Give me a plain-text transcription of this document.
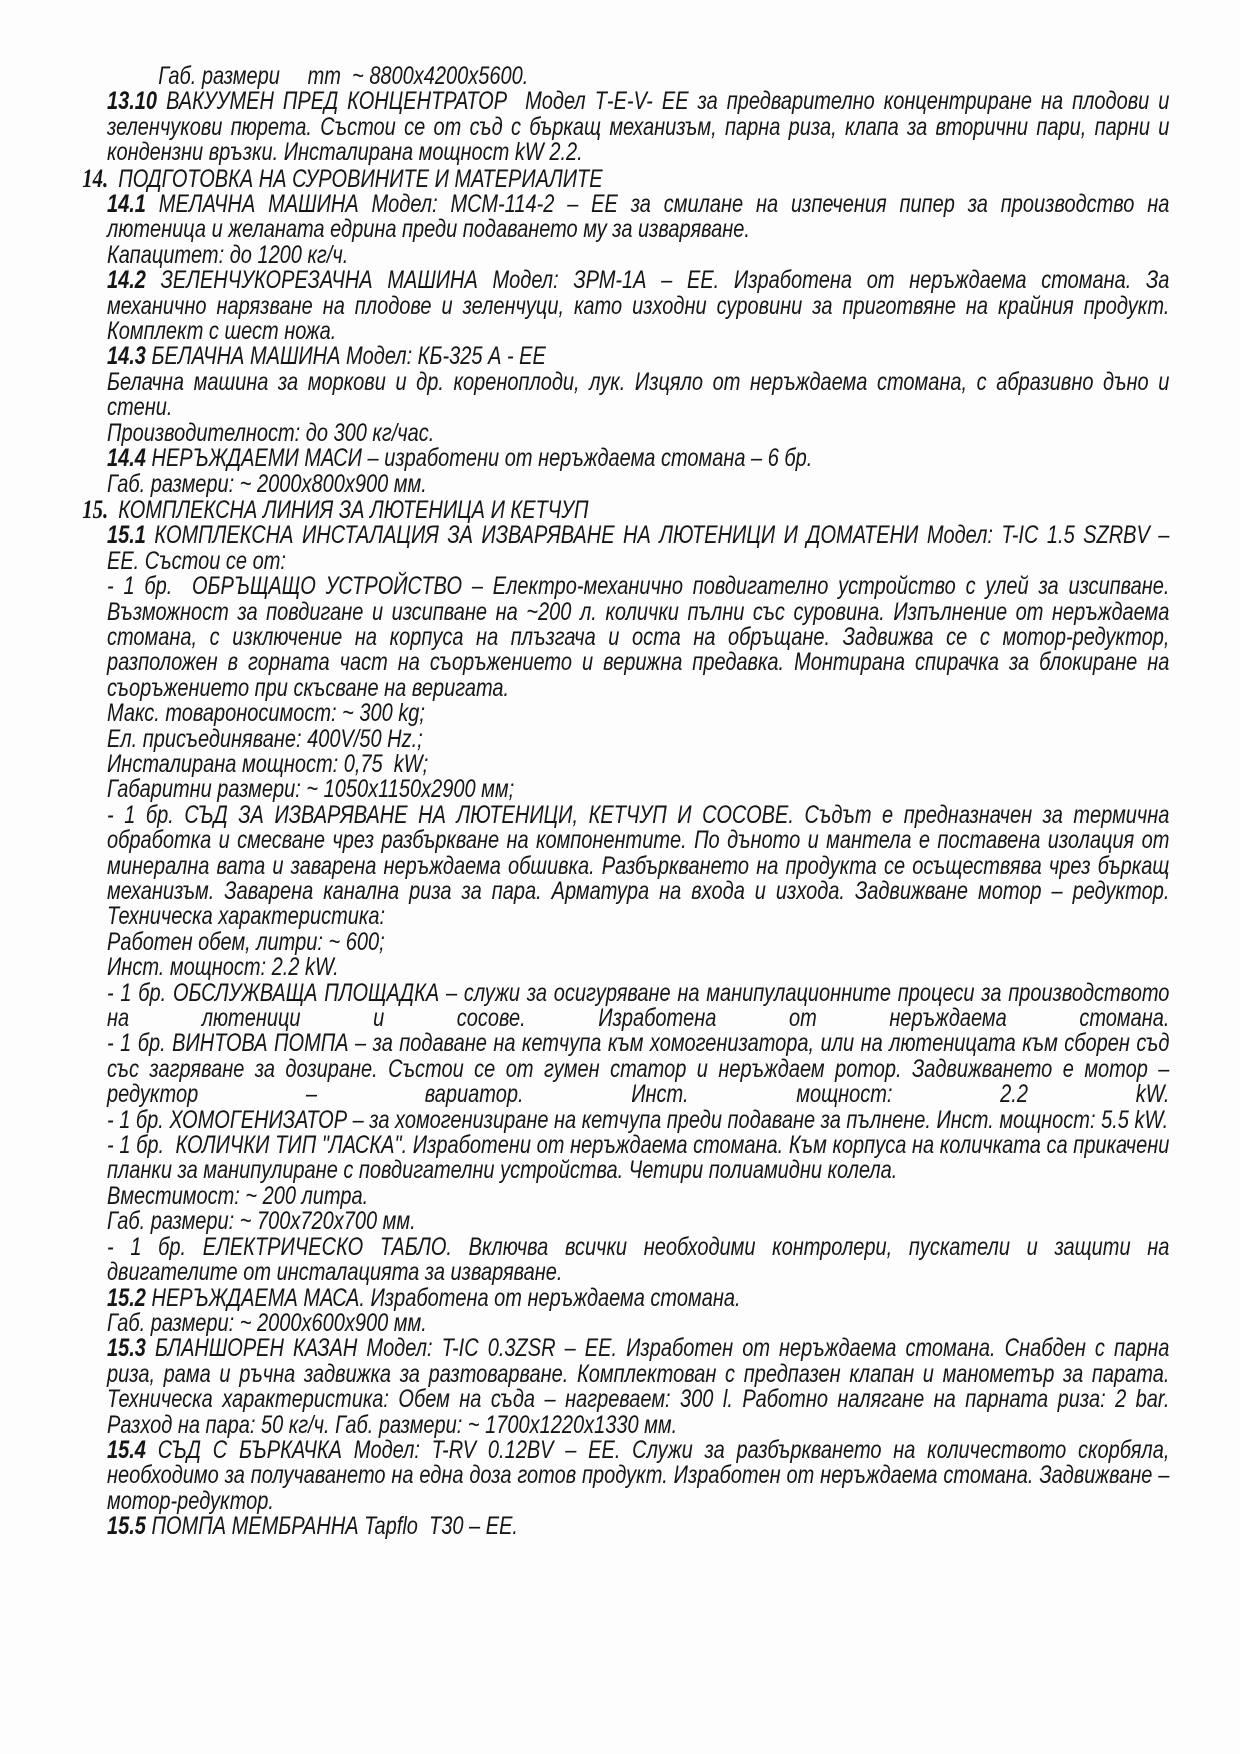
Габ. размери     mm  ~ 8800х4200х5600.

13.10 ВАКУУМЕН ПРЕД КОНЦЕНТРАТОР  Модел Т-Е-V- ЕЕ за предварително концентриране на плодови и зеленчукови пюрета. Състои се от съд с бъркащ механизъм, парна риза, клапа за вторични пари, парни и кондензни връзки. Инсталирана мощност kW 2.2.

14. ПОДГОТОВКА НА СУРОВИНИТЕ И МАТЕРИАЛИТЕ

14.1 МЕЛАЧНА МАШИНА Модел: МСМ-114-2 – ЕЕ за смилане на изпечения пипер за производство на лютеница и желаната едрина преди подаването му за изваряване.

Капацитет: до 1200 кг/ч.

14.2 ЗЕЛЕНЧУКОРЕЗАЧНА МАШИНА Модел: ЗРМ-1А – ЕЕ. Изработена от неръждаема стомана. За механично нарязване на плодове и зеленчуци, като изходни суровини за приготвяне на крайния продукт. Комплект с шест ножа.

14.3 БЕЛАЧНА МАШИНА Модел: КБ-325 А - ЕЕ

Белачна машина за моркови и др. кореноплоди, лук. Изцяло от неръждаема стомана, с абразивно дъно и стени.

Производителност: до 300 кг/час.

14.4 НЕРЪЖДАЕМИ МАСИ – изработени от неръждаема стомана – 6 бр.

Габ. размери: ~ 2000х800х900 мм.

15. КОМПЛЕКСНА ЛИНИЯ ЗА ЛЮТЕНИЦА И КЕТЧУП

15.1 КОМПЛЕКСНА ИНСТАЛАЦИЯ ЗА ИЗВАРЯВАНЕ НА ЛЮТЕНИЦИ И ДОМАТЕНИ Модел: T-IC 1.5 SZRBV – ЕЕ. Състои се от:

- 1 бр.  ОБРЪЩАЩО УСТРОЙСТВО – Електро-механично повдигателно устройство с улей за изсипване. Възможност за повдигане и изсипване на ~200 л. колички пълни със суровина. Изпълнение от неръждаема стомана, с изключение на корпуса на плъзгача и оста на обръщане. Задвижва се с мотор-редуктор, разположен в горната част на съоръжението и верижна предавка. Монтирана спирачка за блокиране на съоръжението при скъсване на веригата.

Макс. товароносимост: ~ 300 kg;

Ел. присъединяване: 400V/50 Hz.;

Инсталирана мощност: 0,75  kW;

Габаритни размери: ~ 1050х1150х2900 мм;

- 1 бр. СЪД ЗА ИЗВАРЯВАНЕ НА ЛЮТЕНИЦИ, КЕТЧУП И СОСОВЕ. Съдът е предназначен за термична обработка и смесване чрез разбъркване на компонентите. По дъното и мантела е поставена изолация от минерална вата и заварена неръждаема обшивка. Разбъркването на продукта се осъществява чрез бъркащ механизъм. Заварена канална риза за пара. Арматура на входа и изхода. Задвижване мотор – редуктор.

Техническа характеристика:

Работен обем, литри: ~ 600;

Инст. мощност: 2.2 kW.

- 1 бр. ОБСЛУЖВАЩА ПЛОЩАДКА – служи за осигуряване на манипулационните процеси за производството на лютеници и сосове. Изработена от неръждаема стомана.

- 1 бр. ВИНТОВА ПОМПА – за подаване на кетчупа към хомогенизатора, или на лютеницата към сборен съд със загряване за дозиране. Състои се от гумен статор и неръждаем ротор. Задвижването е мотор – редуктор – вариатор. Инст. мощност: 2.2 kW.

- 1 бр. ХОМОГЕНИЗАТОР – за хомогенизиране на кетчупа преди подаване за пълнене. Инст. мощност: 5.5 kW.

- 1 бр.  КОЛИЧКИ ТИП "ЛАСКА". Изработени от неръждаема стомана. Към корпуса на количката са прикачени планки за манипулиране с повдигателни устройства. Четири полиамидни колела.

Вместимост: ~ 200 литра.

Габ. размери: ~ 700х720х700 мм.

- 1 бр. ЕЛЕКТРИЧЕСКО ТАБЛО. Включва всички необходими контролери, пускатели и защити на двигателите от инсталацията за изваряване.

15.2 НЕРЪЖДАЕМА МАСА. Изработена от неръждаема стомана.

Габ. размери: ~ 2000х600х900 мм.

15.3 БЛАНШОРЕН КАЗАН Модел: T-IC 0.3ZSR – ЕЕ. Изработен от неръждаема стомана. Снабден с парна риза, рама и ръчна задвижка за разтоварване. Комплектован с предпазен клапан и манометър за парата. Техническа характеристика: Обем на съда – нагреваем: 300 l. Работно налягане на парната риза: 2 bar. Разход на пара: 50 кг/ч. Габ. размери: ~ 1700х1220х1330 мм.

15.4 СЪД С БЪРКАЧКА Модел: T-RV 0.12BV – ЕЕ. Служи за разбъркването на количеството скорбяла, необходимо за получаването на една доза готов продукт. Изработен от неръждаема стомана. Задвижване – мотор-редуктор.

15.5 ПОМПА МЕМБРАННА Tapflo  Т30 – ЕЕ.
